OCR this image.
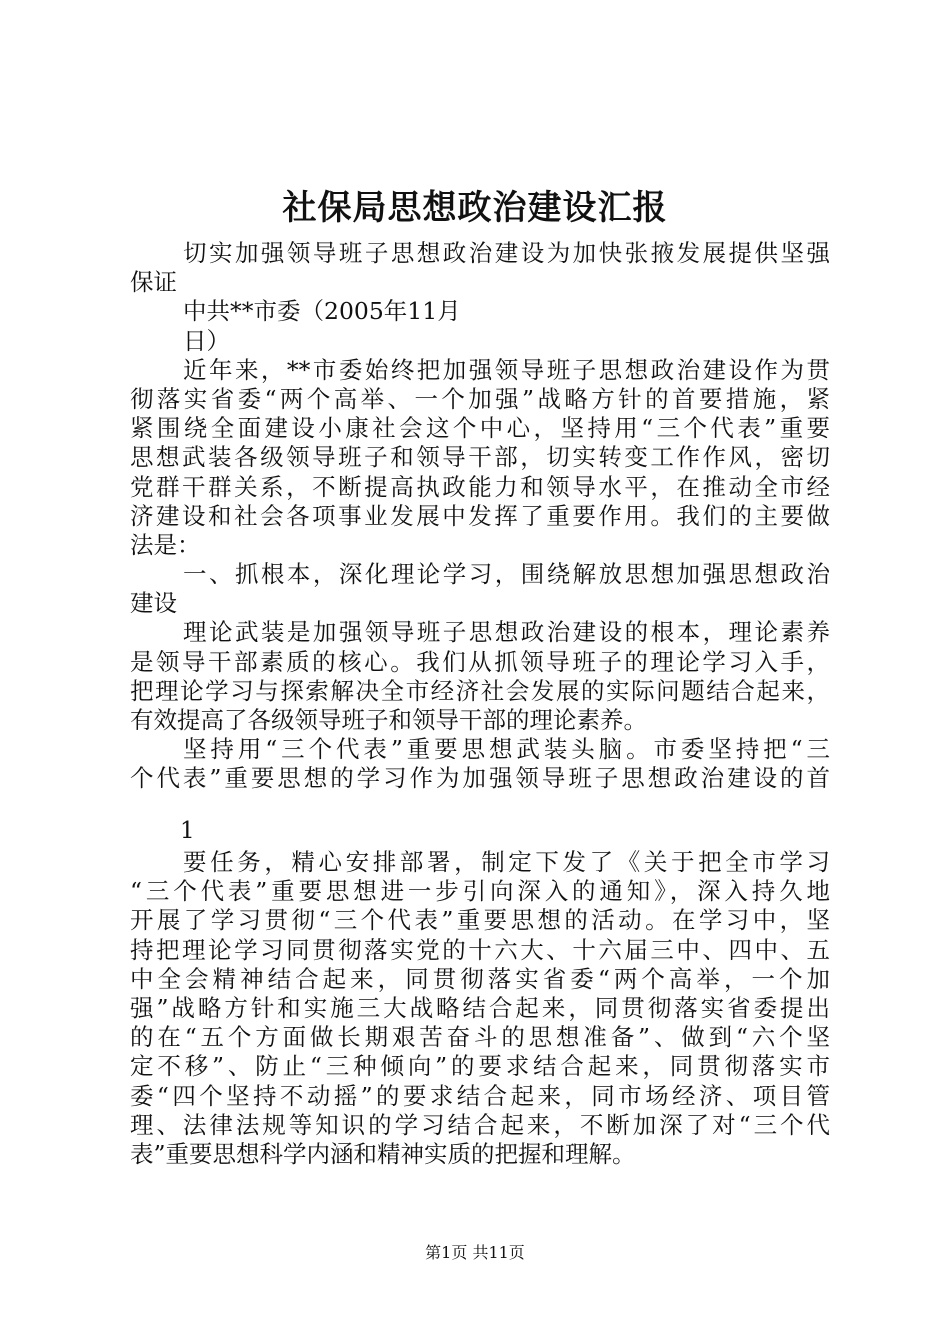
社保局思想政治建设汇报
切实加强领导班子思想政治建设为加快张掖发展提供坚强
保证
中共**市委（2005年11月
日）
近年来，**市委始终把加强领导班子思想政治建设作为贯
彻落实省委“两个高举、一个加强”战略方针的首要措施，紧
紧围绕全面建设小康社会这个中心，坚持用“三个代表”重要
思想武装各级领导班子和领导干部，切实转变工作作风，密切
党群干群关系，不断提高执政能力和领导水平，在推动全市经
济建设和社会各项事业发展中发挥了重要作用。我们的主要做
法是：
一、抓根本，深化理论学习，围绕解放思想加强思想政治
建设
理论武装是加强领导班子思想政治建设的根本，理论素养
是领导干部素质的核心。我们从抓领导班子的理论学习入手，
把理论学习与探索解决全市经济社会发展的实际问题结合起来，
有效提高了各级领导班子和领导干部的理论素养。
坚持用“三个代表”重要思想武装头脑。市委坚持把“三
个代表”重要思想的学习作为加强领导班子思想政治建设的首
1
要任务，精心安排部署，制定下发了《关于把全市学习
“三个代表”重要思想进一步引向深入的通知》，深入持久地
开展了学习贯彻“三个代表”重要思想的活动。在学习中，坚
持把理论学习同贯彻落实党的十六大、十六届三中、四中、五
中全会精神结合起来，同贯彻落实省委“两个高举，一个加
强”战略方针和实施三大战略结合起来，同贯彻落实省委提出
的在“五个方面做长期艰苦奋斗的思想准备”、做到“六个坚
定不移”、防止“三种倾向”的要求结合起来，同贯彻落实市
委“四个坚持不动摇”的要求结合起来，同市场经济、项目管
理、法律法规等知识的学习结合起来，不断加深了对“三个代
表”重要思想科学内涵和精神实质的把握和理解。
第1页 共11页
